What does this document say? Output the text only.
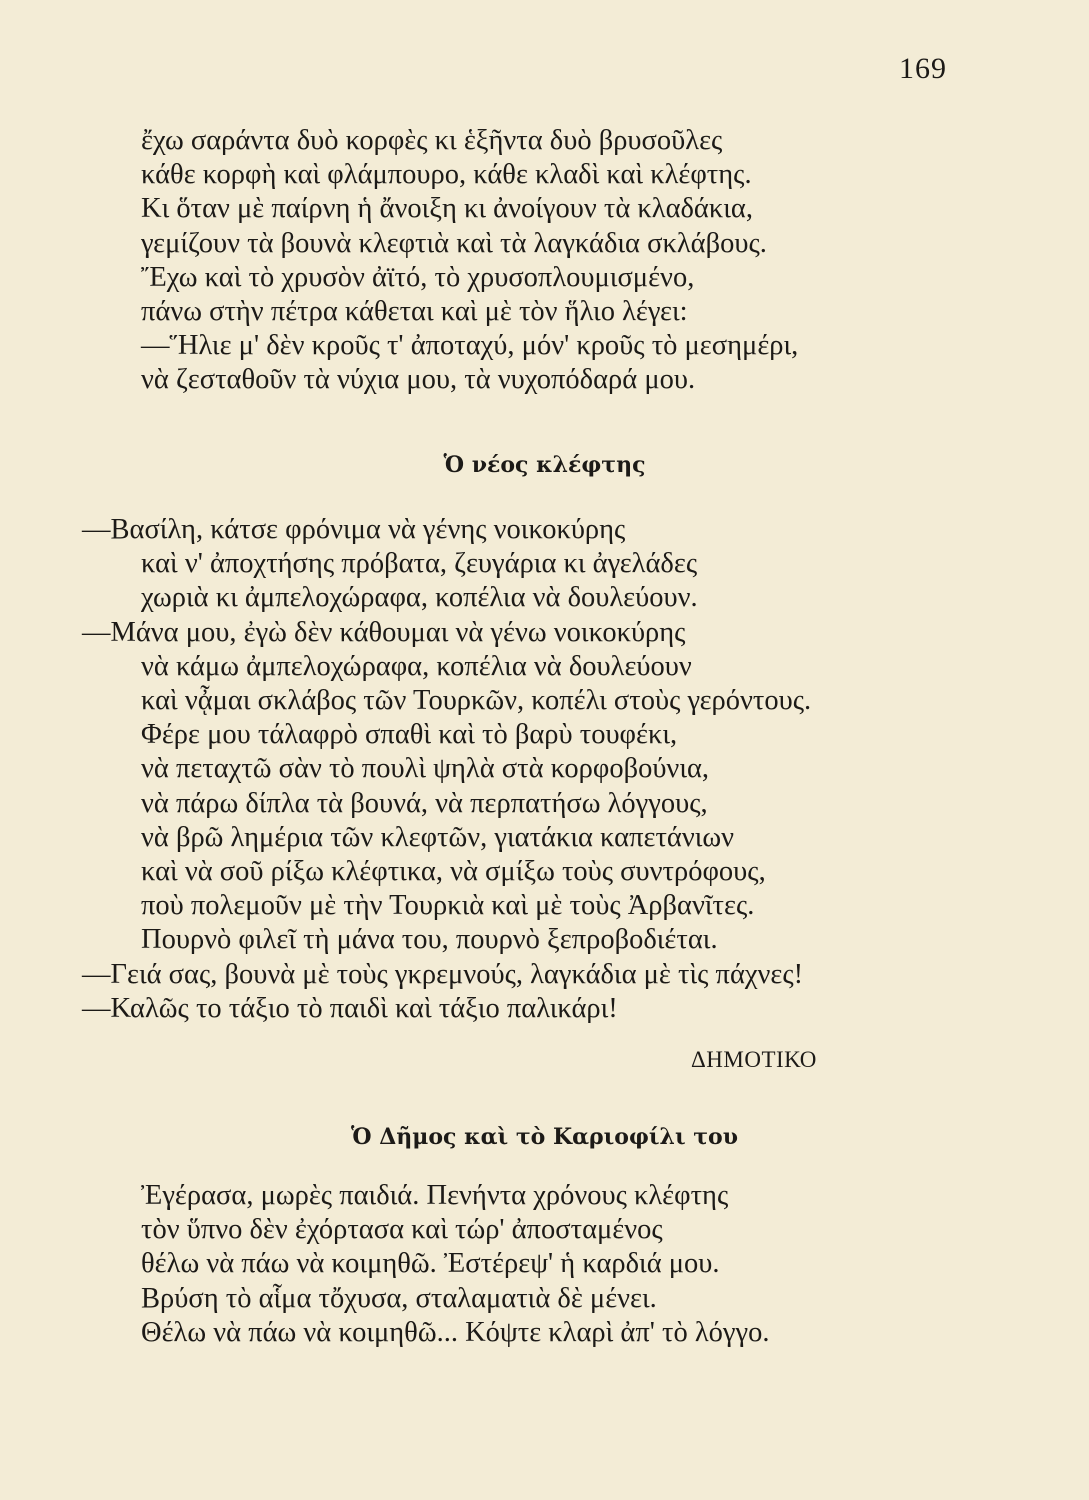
169
ἔχω σαράντα δυὸ κορφὲς κι ἑξῆντα δυὸ βρυσοῦλες
κάθε κορφὴ καὶ φλάμπουρο, κάθε κλαδὶ καὶ κλέφτης.
Κι ὅταν μὲ παίρνη ἡ ἄνοιξη κι ἀνοίγουν τὰ κλαδάκια,
γεμίζουν τὰ βουνὰ κλεφτιὰ καὶ τὰ λαγκάδια σκλάβους.
Ἔχω καὶ τὸ χρυσὸν ἀϊτό, τὸ χρυσοπλουμισμένο,
πάνω στὴν πέτρα κάθεται καὶ μὲ τὸν ἥλιο λέγει:
—Ἥλιε μ' δὲν κροῦς τ' ἀποταχύ, μόν' κροῦς τὸ μεσημέρι,
νὰ ζεσταθοῦν τὰ νύχια μου, τὰ νυχοπόδαρά μου.
Ὁ νέος κλέφτης
—Βασίλη, κάτσε φρόνιμα νὰ γένης νοικοκύρης
καὶ ν' ἀποχτήσης πρόβατα, ζευγάρια κι ἀγελάδες
χωριὰ κι ἀμπελοχώραφα, κοπέλια νὰ δουλεύουν.
—Μάνα μου, ἐγὼ δὲν κάθουμαι νὰ γένω νοικοκύρης
νὰ κάμω ἀμπελοχώραφα, κοπέλια νὰ δουλεύουν
καὶ νᾆμαι σκλάβος τῶν Τουρκῶν, κοπέλι στοὺς γερόντους.
Φέρε μου τάλαφρὸ σπαθὶ καὶ τὸ βαρὺ τουφέκι,
νὰ πεταχτῶ σὰν τὸ πουλὶ ψηλὰ στὰ κορφοβούνια,
νὰ πάρω δίπλα τὰ βουνά, νὰ περπατήσω λόγγους,
νὰ βρῶ λημέρια τῶν κλεφτῶν, γιατάκια καπετάνιων
καὶ νὰ σοῦ ρίξω κλέφτικα, νὰ σμίξω τοὺς συντρόφους,
ποὺ πολεμοῦν μὲ τὴν Τουρκιὰ καὶ μὲ τοὺς Ἀρβανῖτες.
Πουρνὸ φιλεῖ τὴ μάνα του, πουρνὸ ξεπροβοδιέται.
—Γειά σας, βουνὰ μὲ τοὺς γκρεμνούς, λαγκάδια μὲ τὶς πάχνες!
—Καλῶς το τάξιο τὸ παιδὶ καὶ τάξιο παλικάρι!
ΔΗΜΟΤΙΚΟ
Ὁ Δῆμος καὶ τὸ Καριοφίλι του
Ἐγέρασα, μωρὲς παιδιά. Πενήντα χρόνους κλέφτης
τὸν ὕπνο δὲν ἐχόρτασα καὶ τώρ' ἀποσταμένος
θέλω νὰ πάω νὰ κοιμηθῶ. Ἐστέρεψ' ἡ καρδιά μου.
Βρύση τὸ αἷμα τὄχυσα, σταλαματιὰ δὲ μένει.
Θέλω νὰ πάω νὰ κοιμηθῶ... Κόψτε κλαρὶ ἀπ' τὸ λόγγο.
